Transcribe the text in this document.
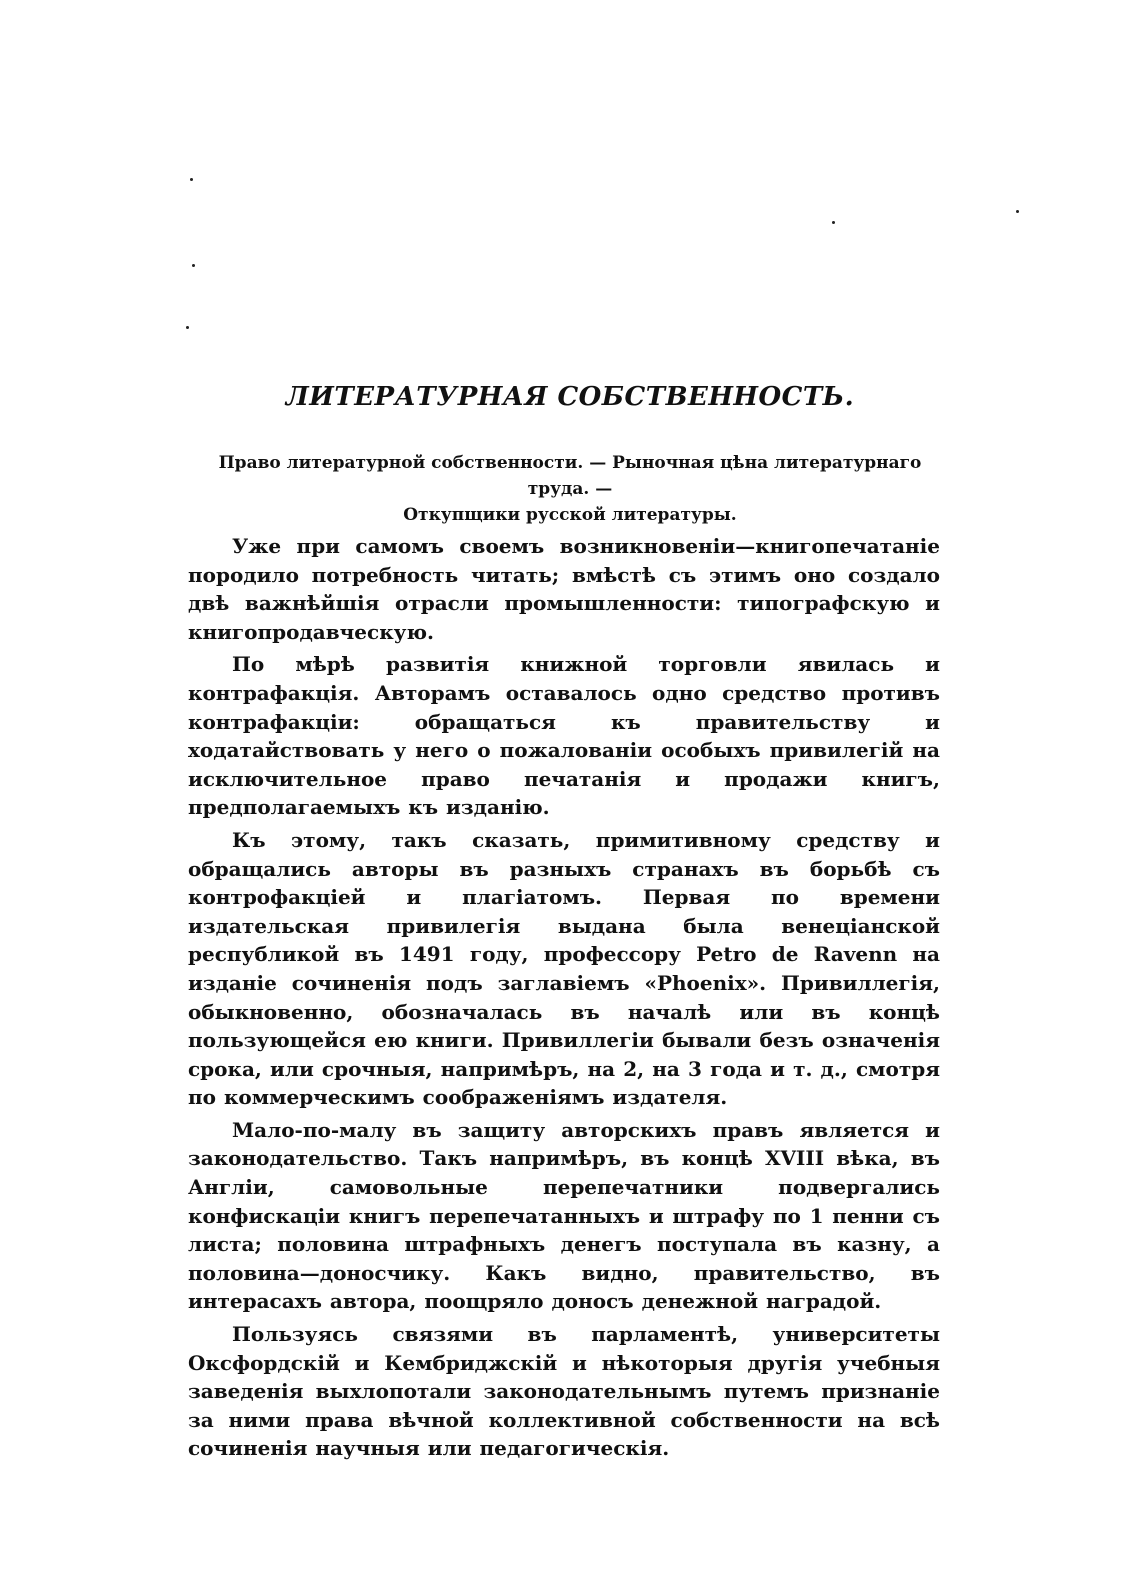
ЛИТЕРАТУРНАЯ СОБСТВЕННОСТЬ.
Право литературной собственности. — Рыночная цѣна литературнаго труда. —
Откупщики русской литературы.

Уже при самомъ своемъ возникновеніи—книгопечатаніе породило потребность читать; вмѣстѣ съ этимъ оно создало двѣ важнѣйшія отрасли промышленности: типографскую и книгопродавческую.

По мѣрѣ развитія книжной торговли явилась и контрафакція. Авторамъ оставалось одно средство противъ контрафакціи: обращаться къ правительству и ходатайствовать у него о пожалованіи особыхъ привилегій на исключительное право печатанія и продажи книгъ, предполагаемыхъ къ изданію.

Къ этому, такъ сказать, примитивному средству и обращались авторы въ разныхъ странахъ въ борьбѣ съ контрофакціей и плагіатомъ. Первая по времени издательская привилегія выдана была венеціанской республикой въ 1491 году, профессору Petro de Ravenn на изданіе сочиненія подъ заглавіемъ «Phoenix». Привиллегія, обыкновенно, обозначалась въ началѣ или въ концѣ пользующейся ею книги. Привиллегіи бывали безъ означенія срока, или срочныя, напримѣръ, на 2, на 3 года и т. д., смотря по коммерческимъ соображеніямъ издателя.

Мало-по-малу въ защиту авторскихъ правъ является и законодательство. Такъ напримѣръ, въ концѣ XVIII вѣка, въ Англіи, самовольные перепечатники подвергались конфискаціи книгъ перепечатанныхъ и штрафу по 1 пенни съ листа; половина штрафныхъ денегъ поступала въ казну, а половина—доносчику. Какъ видно, правительство, въ интерасахъ автора, поощряло доносъ денежной наградой.

Пользуясь связями въ парламентѣ, университеты Оксфордскій и Кембриджскій и нѣкоторыя другія учебныя заведенія выхлопотали законодательнымъ путемъ признаніе за ними права вѣчной коллективной собственности на всѣ сочиненія научныя или педагогическія.
